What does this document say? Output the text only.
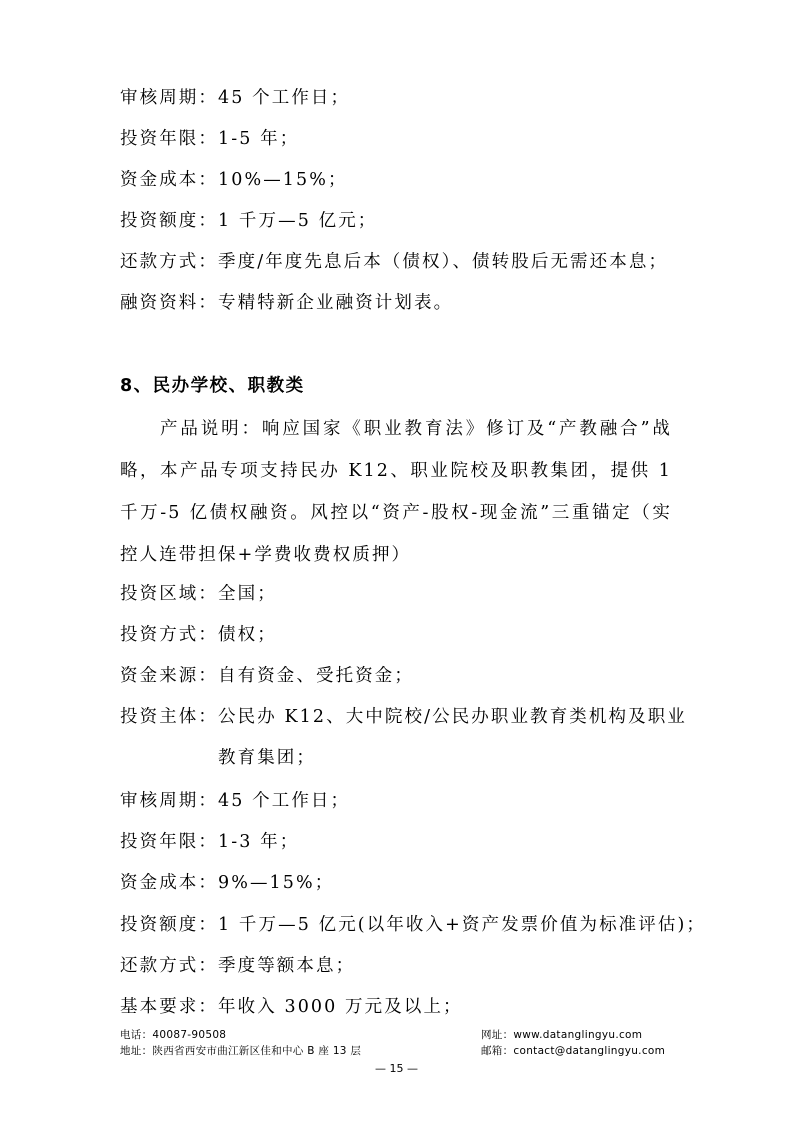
审核周期：45 个工作日；
投资年限：1-5 年；
资金成本：10%—15%；
投资额度：1 千万—5 亿元；
还款方式：季度/年度先息后本（债权）、债转股后无需还本息；
融资资料：专精特新企业融资计划表。
8、民办学校、职教类
产品说明：响应国家《职业教育法》修订及“产教融合”战略，本产品专项支持民办 K12、职业院校及职教集团，提供 1 千万-5 亿债权融资。风控以“资产-股权-现金流”三重锚定（实控人连带担保+学费收费权质押）
投资区域：全国；
投资方式：债权；
资金来源：自有资金、受托资金；
投资主体：公民办 K12、大中院校/公民办职业教育类机构及职业
教育集团；
审核周期：45 个工作日；
投资年限：1-3 年；
资金成本：9%—15%；
投资额度：1 千万—5 亿元(以年收入+资产发票价值为标准评估)；
还款方式：季度等额本息；
基本要求：年收入 3000 万元及以上；
电话：40087-90508
地址：陕西省西安市曲江新区佳和中心 B 座 13 层
网址：www.datanglingyu.com
邮箱：contact@datanglingyu.com
— 15 —
